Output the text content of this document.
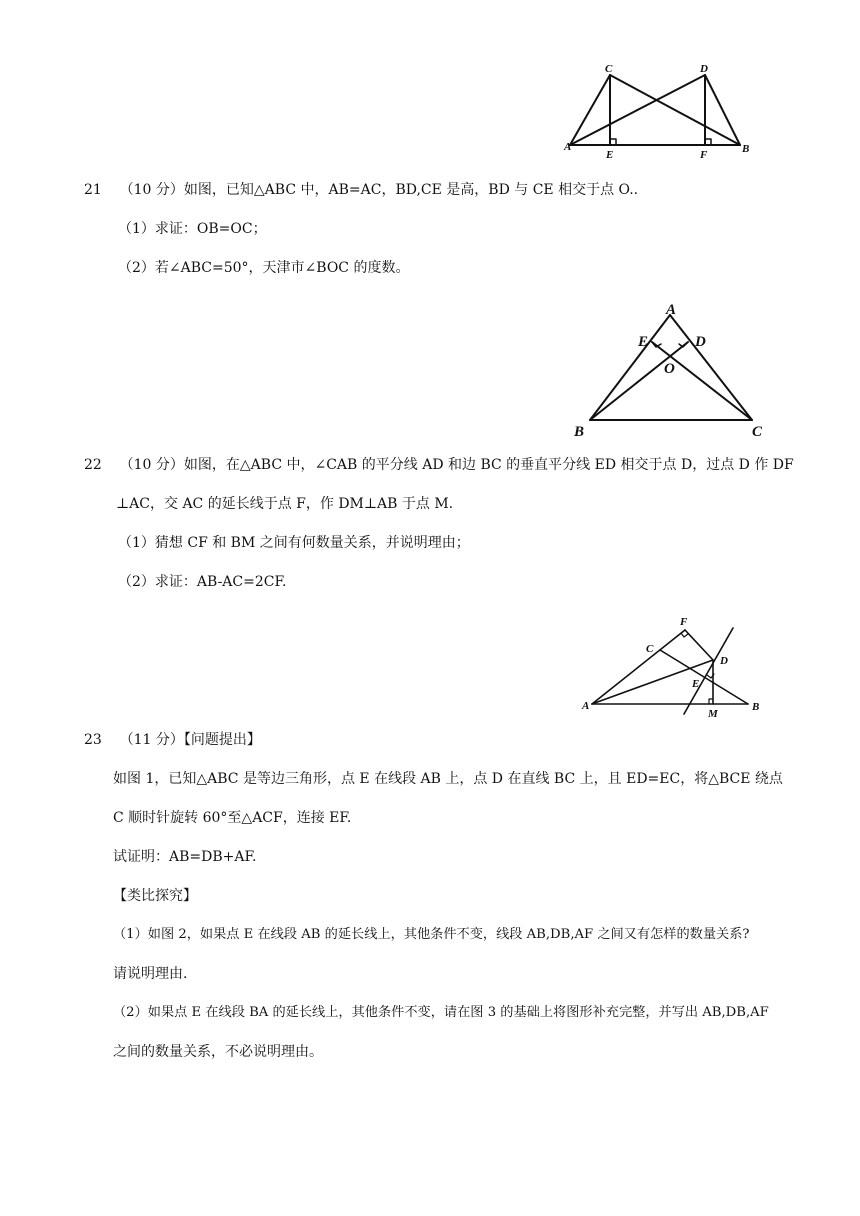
C	D
A
E	F	B
21 （10 分）如图，已知△ABC 中，AB=AC，BD,CE 是高，BD 与 CE 相交于点 O..
（1）求证：OB=OC；
（2）若∠ABC=50°，天津市∠BOC 的度数。
A
E	D
O
B	C
22 （10 分）如图，在△ABC 中，∠CAB 的平分线 AD 和边 BC 的垂直平分线 ED 相交于点 D，过点 D 作 DF
⊥AC，交 AC 的延长线于点 F，作 DM⊥AB 于点 M.
（1）猜想 CF 和 BM 之间有何数量关系，并说明理由；
（2）求证：AB-AC=2CF.
F
C
D
E
A
M
B
23 （11 分）【问题提出】
如图 1，已知△ABC 是等边三角形，点 E 在线段 AB 上，点 D 在直线 BC 上，且 ED=EC，将△BCE 绕点
C 顺时针旋转 60°至△ACF，连接 EF.
试证明：AB=DB+AF.
【类比探究】
（1）如图 2，如果点 E 在线段 AB 的延长线上，其他条件不变，线段 AB,DB,AF 之间又有怎样的数量关系?
请说明理由.
（2）如果点 E 在线段 BA 的延长线上，其他条件不变，请在图 3 的基础上将图形补充完整，并写出 AB,DB,AF
之间的数量关系，不必说明理由。
